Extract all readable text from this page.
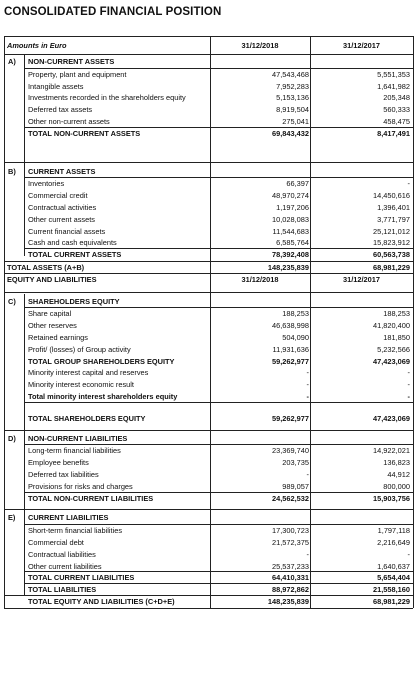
CONSOLIDATED FINANCIAL POSITION
Amounts in Euro	31/12/2018	31/12/2017
A) NON-CURRENT ASSETS
Property, plant and equipment	47,543,468	5,551,353
Intangible assets	7,952,283	1,641,982
Investments recorded in the shareholders equity	5,153,136	205,348
Deferred tax assets	8,919,504	560,333
Other non-current assets	275,041	458,475
TOTAL NON-CURRENT ASSETS	69,843,432	8,417,491
B) CURRENT ASSETS
Inventories	66,397	-
Commercial credit	48,970,274	14,450,616
Contractual activities	1,197,206	1,396,401
Other current assets	10,028,083	3,771,797
Current financial assets	11,544,683	25,121,012
Cash and cash equivalents	6,585,764	15,823,912
TOTAL CURRENT ASSETS	78,392,408	60,563,738
TOTAL ASSETS (A+B)	148,235,839	68,981,229
EQUITY AND LIABILITIES	31/12/2018	31/12/2017
C) SHAREHOLDERS EQUITY
Share capital	188,253	188,253
Other reserves	46,638,998	41,820,400
Retained earnings	504,090	181,850
Profit/ (losses) of Group activity	11,931,636	5,232,566
TOTAL GROUP SHAREHOLDERS EQUITY	59,262,977	47,423,069
Minority interest capital and reserves	-	-
Minority interest economic result	-	-
Total minority interest shareholders equity	-	-
TOTAL SHAREHOLDERS EQUITY	59,262,977	47,423,069
D) NON-CURRENT LIABILITIES
Long-term financial liabilities	23,369,740	14,922,021
Employee benefits	203,735	136,823
Deferred tax liabilities	-	44,912
Provisions for risks and charges	989,057	800,000
TOTAL NON-CURRENT LIABILITIES	24,562,532	15,903,756
E) CURRENT LIABILITIES
Short-term financial liabilities	17,300,723	1,797,118
Commercial debt	21,572,375	2,216,649
Contractual liabilities	-	-
Other current liabilities	25,537,233	1,640,637
TOTAL CURRENT LIABILITIES	64,410,331	5,654,404
TOTAL LIABILITIES	88,972,862	21,558,160
TOTAL EQUITY AND LIABILITIES (C+D+E)	148,235,839	68,981,229
